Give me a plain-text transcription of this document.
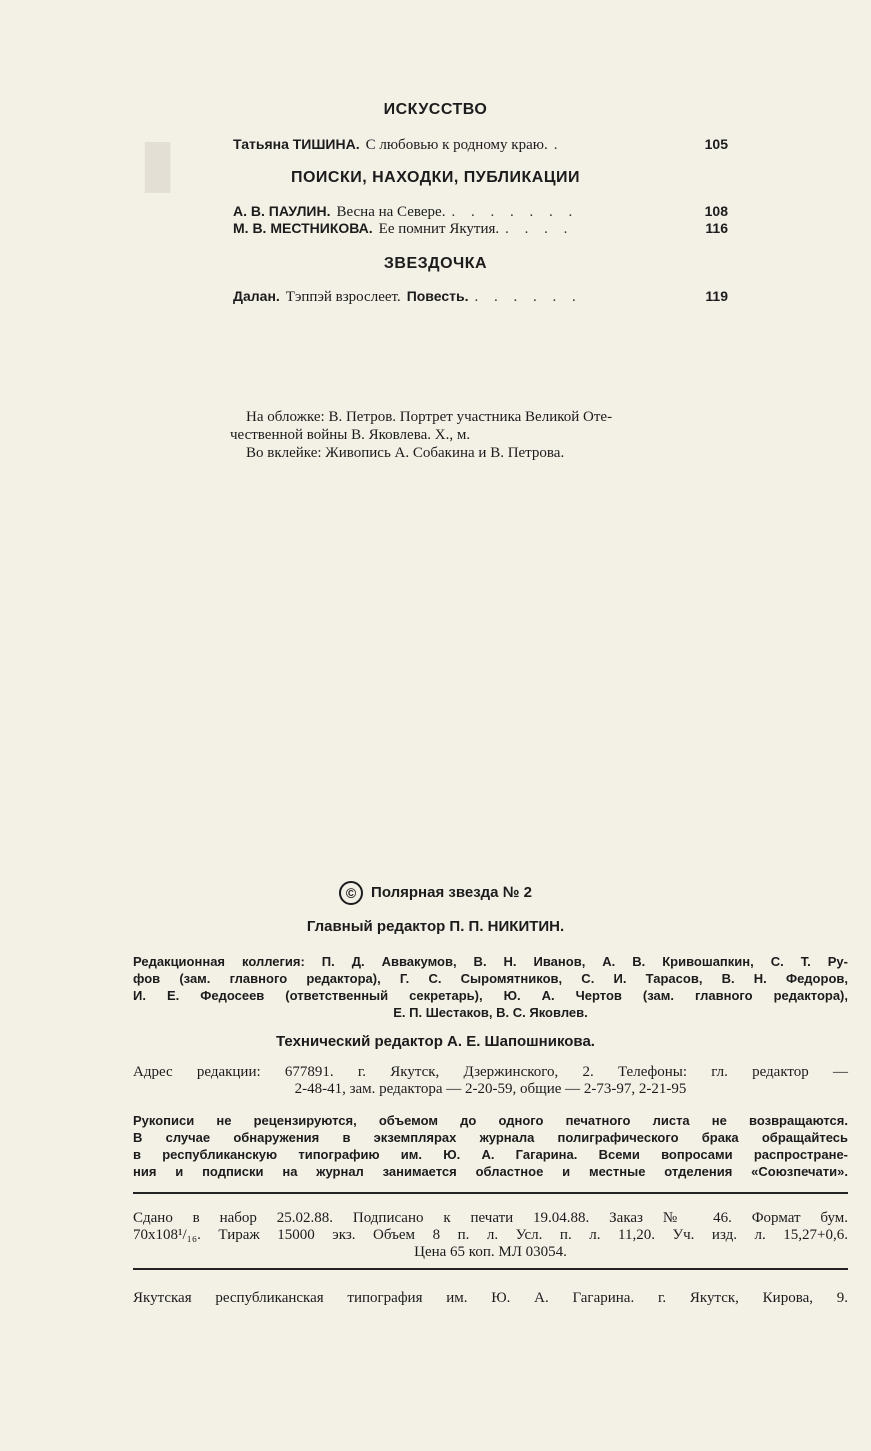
▮
ИСКУССТВО
Татьяна ТИШИНА. С любовью к родному краю. .	105
ПОИСКИ, НАХОДКИ, ПУБЛИКАЦИИ
А. В. ПАУЛИН. Весна на Севере. . . . . . . .	108
М. В. МЕСТНИКОВА. Ее помнит Якутия. . . . .	116
ЗВЕЗДОЧКА
Далан. Тэппэй взрослеет. Повесть. . . . . . .	119
На обложке: В. Петров. Портрет участника Великой Оте-
чественной войны В. Яковлева. Х., м.
Во вклейке: Живопись А. Собакина и В. Петрова.
© Полярная звезда № 2
Главный редактор П. П. НИКИТИН.
Редакционная коллегия: П. Д. Аввакумов, В. Н. Иванов, А. В. Кривошапкин, С. Т. Ру-
фов (зам. главного редактора), Г. С. Сыромятников, С. И. Тарасов, В. Н. Федоров,
И. Е. Федосеев (ответственный секретарь), Ю. А. Чертов (зам. главного редактора),
Е. П. Шестаков, В. С. Яковлев.
Технический редактор А. Е. Шапошникова.
Адрес редакции: 677891. г. Якутск, Дзержинского, 2. Телефоны: гл. редактор —
2-48-41, зам. редактора — 2-20-59, общие — 2-73-97, 2-21-95
Рукописи не рецензируются, объемом до одного печатного листа не возвращаются.
В случае обнаружения в экземплярах журнала полиграфического брака обращайтесь
в республиканскую типографию им. Ю. А. Гагарина. Всеми вопросами распростране-
ния и подписки на журнал занимается областное и местные отделения «Союзпечати».
Сдано в набор 25.02.88. Подписано к печати 19.04.88. Заказ № 46. Формат бум.
70х108¹/₁₆. Тираж 15000 экз. Объем 8 п. л. Усл. п. л. 11,20. Уч. изд. л. 15,27+0,6.
Цена 65 коп. МЛ 03054.
Якутская республиканская типография им. Ю. А. Гагарина. г. Якутск, Кирова, 9.
